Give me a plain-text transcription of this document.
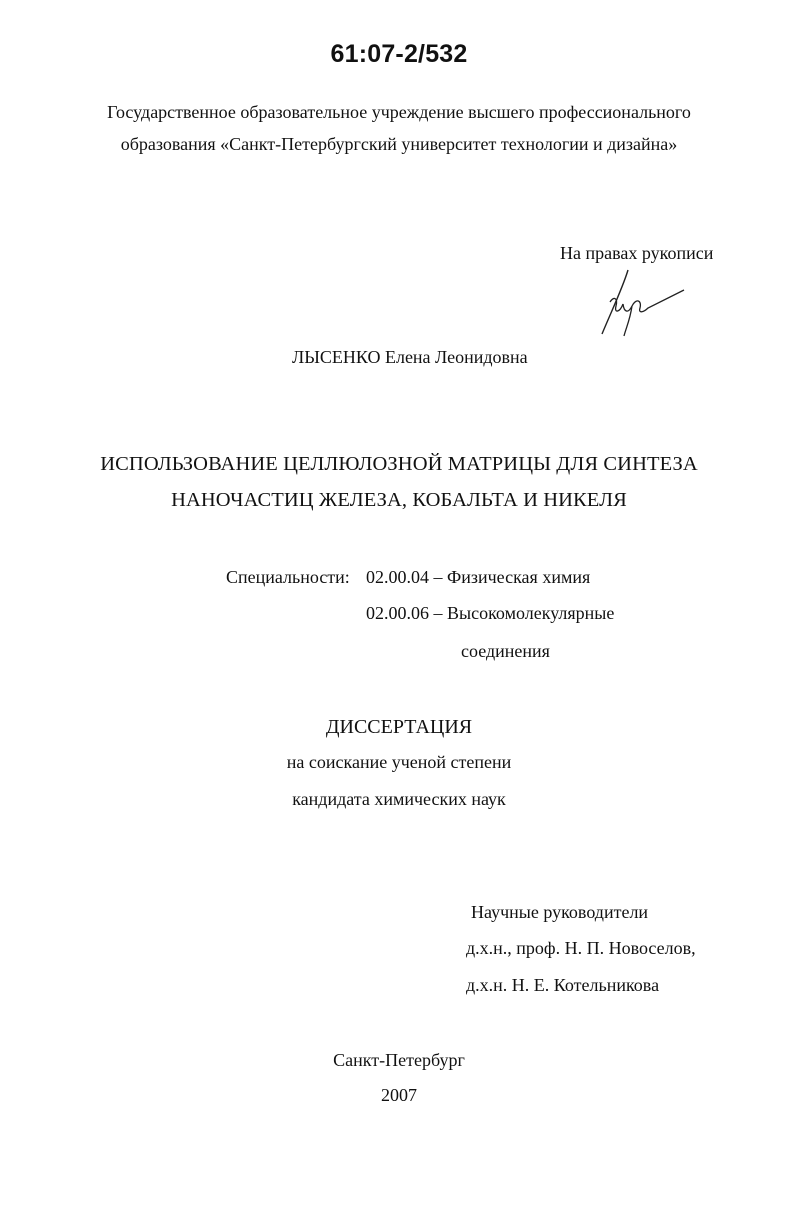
61:07-2/532
Государственное образовательное учреждение высшего профессионального
образования «Санкт-Петербургский университет технологии и дизайна»
На правах рукописи
ЛЫСЕНКО Елена Леонидовна
ИСПОЛЬЗОВАНИЕ ЦЕЛЛЮЛОЗНОЙ МАТРИЦЫ ДЛЯ СИНТЕЗА
НАНОЧАСТИЦ ЖЕЛЕЗА, КОБАЛЬТА И НИКЕЛЯ
Специальности: 02.00.04 – Физическая химия
02.00.06 – Высокомолекулярные
соединения
ДИССЕРТАЦИЯ
на соискание ученой степени
кандидата химических наук
Научные руководители
д.х.н., проф. Н. П. Новоселов,
д.х.н. Н. Е. Котельникова
Санкт-Петербург
2007
